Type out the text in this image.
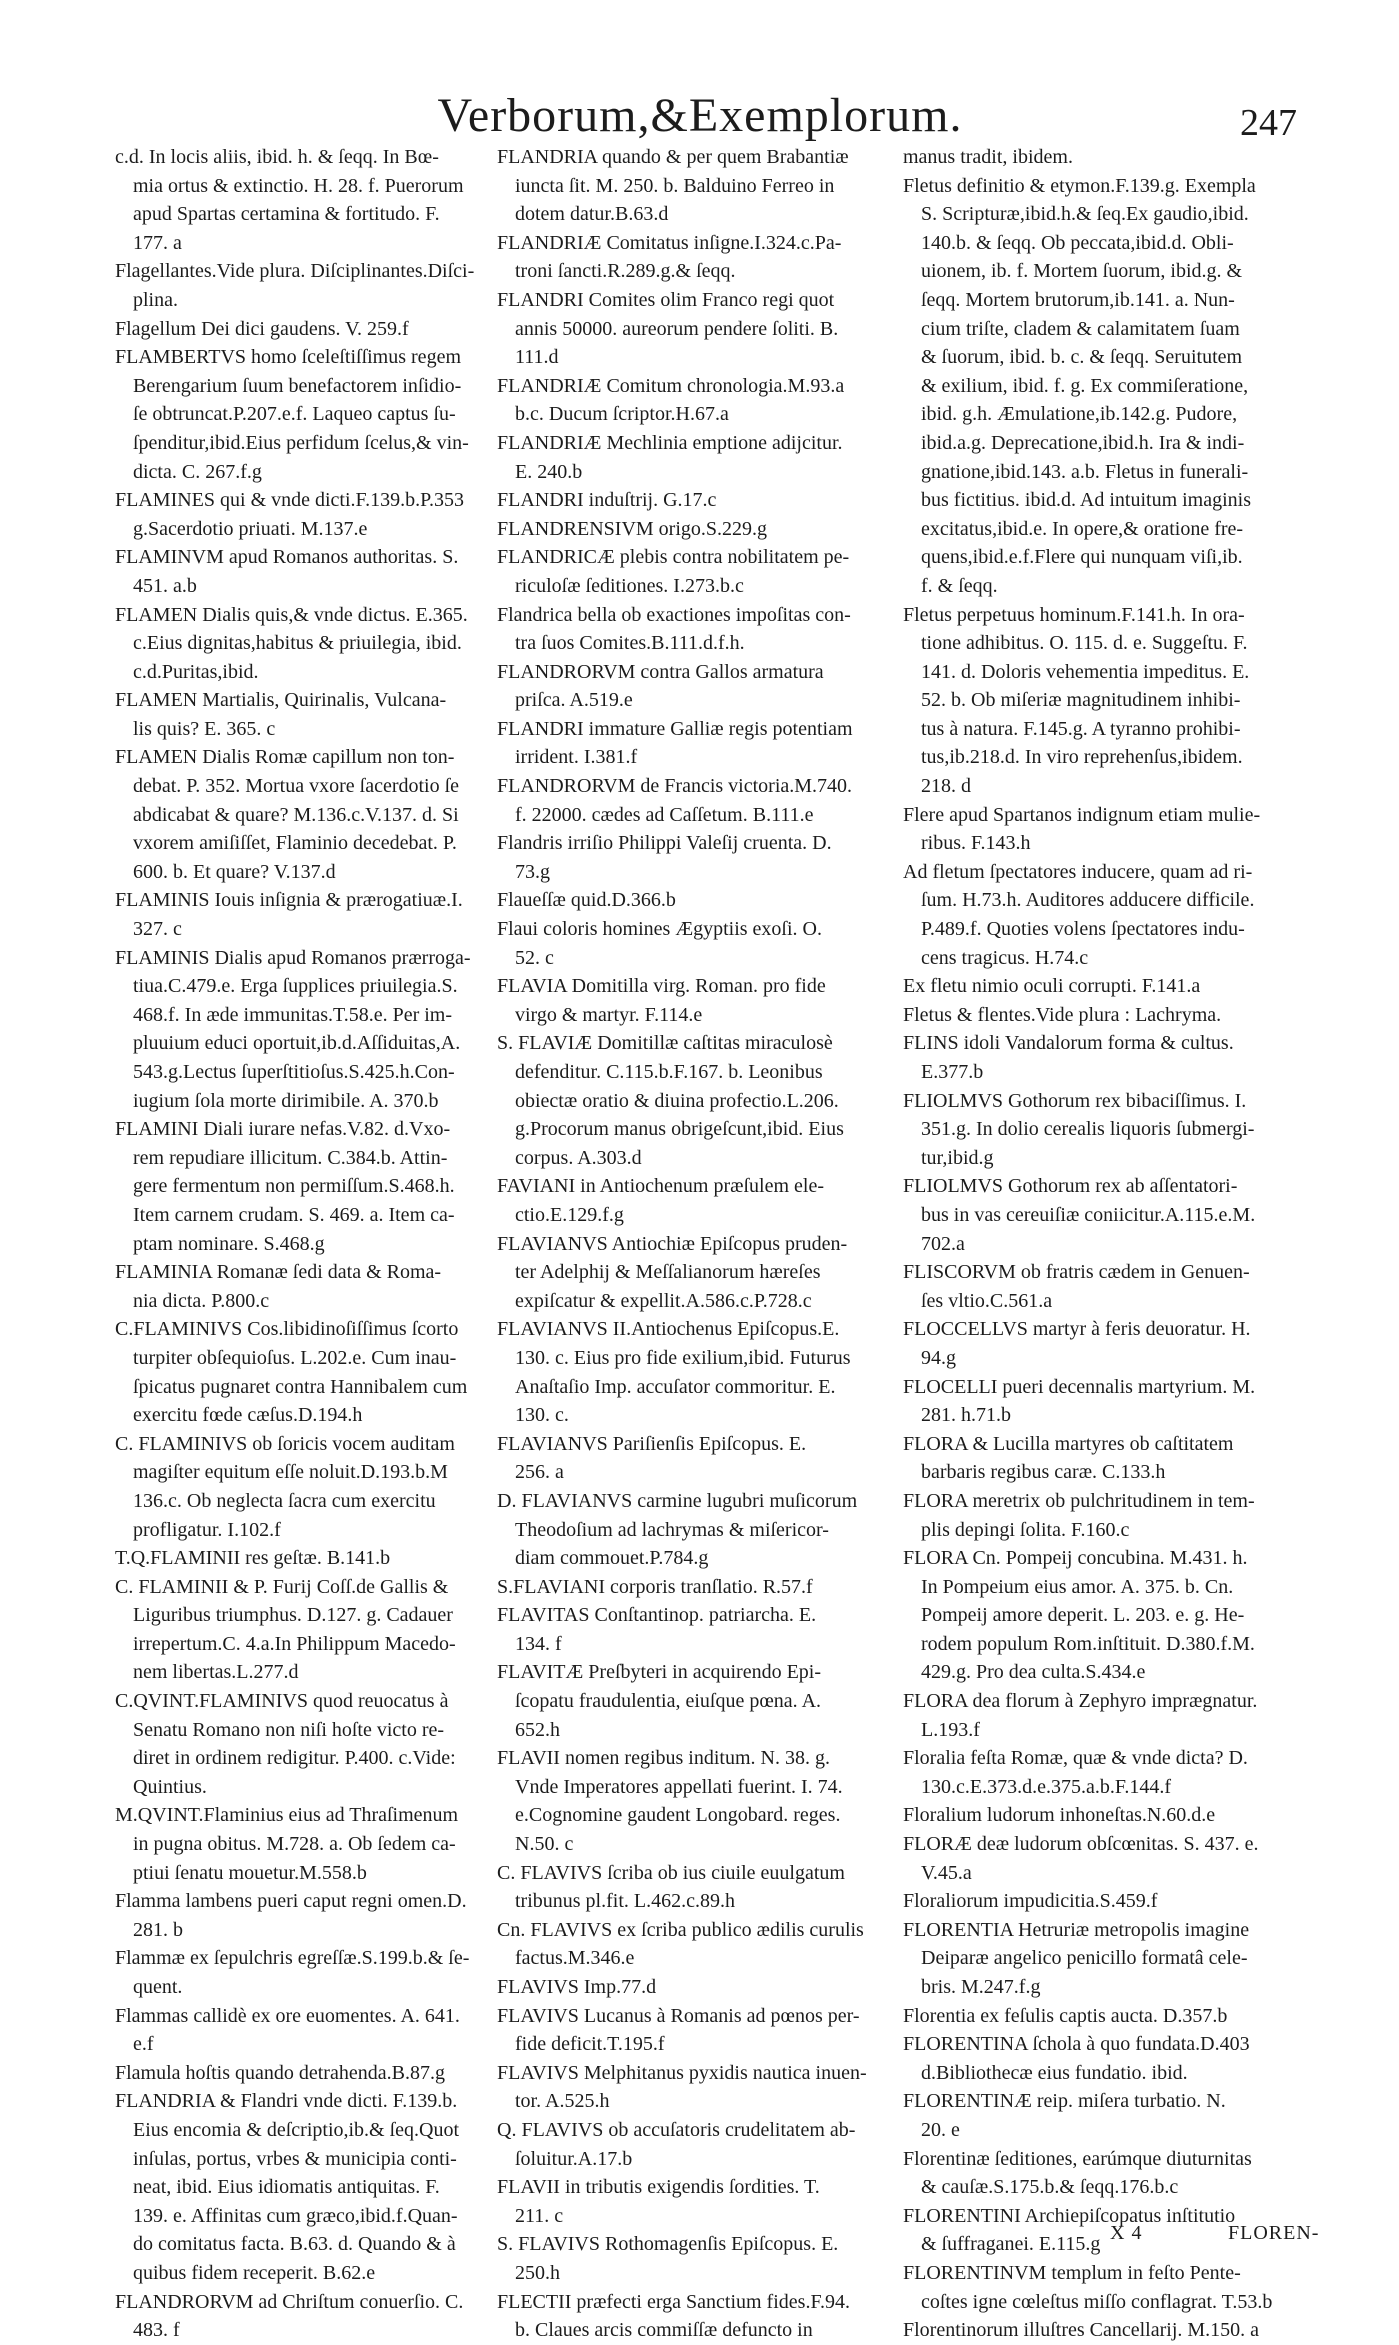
Verborum,&Exemplorum.	247

c.d. In locis aliis, ibid. h. & ſeqq. In Bœ-
mia ortus & extinctio. H. 28. f. Puerorum
apud Spartas certamina & fortitudo. F.
177. a

Flagellantes.Vide plura. Diſciplinantes.Diſci-
plina.

Flagellum Dei dici gaudens. V. 259.f

FLAMBERTVS homo ſceleſtiſſimus regem
Berengarium ſuum benefactorem inſidio-
ſe obtruncat.P.207.e.f. Laqueo captus ſu-
ſpenditur,ibid.Eius perfidum ſcelus,& vin-
dicta. C. 267.f.g

FLAMINES qui & vnde dicti.F.139.b.P.353
g.Sacerdotio priuati. M.137.e

FLAMINVM apud Romanos authoritas. S.
451. a.b

FLAMEN Dialis quis,& vnde dictus. E.365.
c.Eius dignitas,habitus & priuilegia, ibid.
c.d.Puritas,ibid.

FLAMEN Martialis, Quirinalis, Vulcana-
lis quis? E. 365. c

FLAMEN Dialis Romæ capillum non ton-
debat. P. 352. Mortua vxore ſacerdotio ſe
abdicabat & quare? M.136.c.V.137. d. Si
vxorem amiſiſſet, Flaminio decedebat. P.
600. b. Et quare? V.137.d

FLAMINIS Iouis inſignia & prærogatiuæ.I.
327. c

FLAMINIS Dialis apud Romanos prærroga-
tiua.C.479.e. Erga ſupplices priuilegia.S.
468.f. In æde immunitas.T.58.e. Per im-
pluuium educi oportuit,ib.d.Aſſiduitas,A.
543.g.Lectus ſuperſtitioſus.S.425.h.Con-
iugium ſola morte dirimibile. A. 370.b

FLAMINI Diali iurare nefas.V.82. d.Vxo-
rem repudiare illicitum. C.384.b. Attin-
gere fermentum non permiſſum.S.468.h.
Item carnem crudam. S. 469. a. Item ca-
ptam nominare. S.468.g

FLAMINIA Romanæ ſedi data & Roma-
nia dicta. P.800.c

C.FLAMINIVS Cos.libidinoſiſſimus ſcorto
turpiter obſequioſus. L.202.e. Cum inau-
ſpicatus pugnaret contra Hannibalem cum
exercitu fœde cæſus.D.194.h

C. FLAMINIVS ob ſoricis vocem auditam
magiſter equitum eſſe noluit.D.193.b.M
136.c. Ob neglecta ſacra cum exercitu
profligatur. I.102.f

T.Q.FLAMINII res geſtæ. B.141.b

C. FLAMINII & P. Furij Coſſ.de Gallis &
Liguribus triumphus. D.127. g. Cadauer
irrepertum.C. 4.a.In Philippum Macedo-
nem libertas.L.277.d

C.QVINT.FLAMINIVS quod reuocatus à
Senatu Romano non niſi hoſte victo re-
diret in ordinem redigitur. P.400. c.Vide:
Quintius.

M.QVINT.Flaminius eius ad Thraſimenum
in pugna obitus. M.728. a. Ob ſedem ca-
ptiui ſenatu mouetur.M.558.b

Flamma lambens pueri caput regni omen.D.
281. b

Flammæ ex ſepulchris egreſſæ.S.199.b.& ſe-
quent.

Flammas callidè ex ore euomentes. A. 641.
e.f

Flamula hoſtis quando detrahenda.B.87.g

FLANDRIA & Flandri vnde dicti. F.139.b.
Eius encomia & deſcriptio,ib.& ſeq.Quot
inſulas, portus, vrbes & municipia conti-
neat, ibid. Eius idiomatis antiquitas. F.
139. e. Affinitas cum græco,ibid.f.Quan-
do comitatus facta. B.63. d. Quando & à
quibus fidem receperit. B.62.e

FLANDRORVM ad Chriſtum conuerſio. C.
483. f

FLANDRIA quando & per quem Brabantiæ
iuncta ſit. M. 250. b. Balduino Ferreo in
dotem datur.B.63.d

FLANDRIÆ Comitatus inſigne.I.324.c.Pa-
troni ſancti.R.289.g.& ſeqq.

FLANDRI Comites olim Franco regi quot
annis 50000. aureorum pendere ſoliti. B.
111.d

FLANDRIÆ Comitum chronologia.M.93.a
b.c. Ducum ſcriptor.H.67.a

FLANDRIÆ Mechlinia emptione adijcitur.
E. 240.b

FLANDRI induſtrij. G.17.c

FLANDRENSIVM origo.S.229.g

FLANDRICÆ plebis contra nobilitatem pe-
riculoſæ ſeditiones. I.273.b.c

Flandrica bella ob exactiones impoſitas con-
tra ſuos Comites.B.111.d.f.h.

FLANDRORVM contra Gallos armatura
priſca. A.519.e

FLANDRI immature Galliæ regis potentiam
irrident. I.381.f

FLANDRORVM de Francis victoria.M.740.
f. 22000. cædes ad Caſſetum. B.111.e

Flandris irriſio Philippi Valeſij cruenta. D.
73.g

Flaueſſæ quid.D.366.b

Flaui coloris homines Ægyptiis exoſi. O.
52. c

FLAVIA Domitilla virg. Roman. pro fide
virgo & martyr. F.114.e

S. FLAVIÆ Domitillæ caſtitas miraculosè
defenditur. C.115.b.F.167. b. Leonibus
obiectæ oratio & diuina profectio.L.206.
g.Procorum manus obrigeſcunt,ibid. Eius
corpus. A.303.d

FAVIANI in Antiochenum præſulem ele-
ctio.E.129.f.g

FLAVIANVS Antiochiæ Epiſcopus pruden-
ter Adelphij & Meſſalianorum hæreſes
expiſcatur & expellit.A.586.c.P.728.c

FLAVIANVS II.Antiochenus Epiſcopus.E.
130. c. Eius pro fide exilium,ibid. Futurus
Anaſtaſio Imp. accuſator commoritur. E.
130. c.

FLAVIANVS Pariſienſis Epiſcopus. E.
256. a

D. FLAVIANVS carmine lugubri muſicorum
Theodoſium ad lachrymas & miſericor-
diam commouet.P.784.g

S.FLAVIANI corporis tranſlatio. R.57.f

FLAVITAS Conſtantinop. patriarcha. E.
134. f

FLAVITÆ Preſbyteri in acquirendo Epi-
ſcopatu fraudulentia, eiuſque pœna. A.
652.h

FLAVII nomen regibus inditum. N. 38. g.
Vnde Imperatores appellati fuerint. I. 74.
e.Cognomine gaudent Longobard. reges.
N.50. c

C. FLAVIVS ſcriba ob ius ciuile euulgatum
tribunus pl.fit. L.462.c.89.h

Cn. FLAVIVS ex ſcriba publico ædilis curulis
factus.M.346.e

FLAVIVS Imp.77.d

FLAVIVS Lucanus à Romanis ad pœnos per-
fide deficit.T.195.f

FLAVIVS Melphitanus pyxidis nautica inuen-
tor. A.525.h

Q. FLAVIVS ob accuſatoris crudelitatem ab-
ſoluitur.A.17.b

FLAVII in tributis exigendis ſordities. T.
211. c

S. FLAVIVS Rothomagenſis Epiſcopus. E.
250.h

FLECTII præfecti erga Sanctium fides.F.94.
b. Claues arcis commiſſæ defuncto in

manus tradit, ibidem.

Fletus definitio & etymon.F.139.g. Exempla
S. Scripturæ,ibid.h.& ſeq.Ex gaudio,ibid.
140.b. & ſeqq. Ob peccata,ibid.d. Obli-
uionem, ib. f. Mortem ſuorum, ibid.g. &
ſeqq. Mortem brutorum,ib.141. a. Nun-
cium triſte, cladem & calamitatem ſuam
& ſuorum, ibid. b. c. & ſeqq. Seruitutem
& exilium, ibid. f. g. Ex commiſeratione,
ibid. g.h. Æmulatione,ib.142.g. Pudore,
ibid.a.g. Deprecatione,ibid.h. Ira & indi-
gnatione,ibid.143. a.b. Fletus in funerali-
bus fictitius. ibid.d. Ad intuitum imaginis
excitatus,ibid.e. In opere,& oratione fre-
quens,ibid.e.f.Flere qui nunquam viſi,ib.
f. & ſeqq.

Fletus perpetuus hominum.F.141.h. In ora-
tione adhibitus. O. 115. d. e. Suggeſtu. F.
141. d. Doloris vehementia impeditus. E.
52. b. Ob miſeriæ magnitudinem inhibi-
tus à natura. F.145.g. A tyranno prohibi-
tus,ib.218.d. In viro reprehenſus,ibidem.
218. d

Flere apud Spartanos indignum etiam mulie-
ribus. F.143.h

Ad fletum ſpectatores inducere, quam ad ri-
ſum. H.73.h. Auditores adducere difficile.
P.489.f. Quoties volens ſpectatores indu-
cens tragicus. H.74.c

Ex fletu nimio oculi corrupti. F.141.a

Fletus & flentes.Vide plura : Lachryma.

FLINS idoli Vandalorum forma & cultus.
E.377.b

FLIOLMVS Gothorum rex bibaciſſimus. I.
351.g. In dolio cerealis liquoris ſubmergi-
tur,ibid.g

FLIOLMVS Gothorum rex ab aſſentatori-
bus in vas cereuiſiæ coniicitur.A.115.e.M.
702.a

FLISCORVM ob fratris cædem in Genuen-
ſes vltio.C.561.a

FLOCCELLVS martyr à feris deuoratur. H.
94.g

FLOCELLI pueri decennalis martyrium. M.
281. h.71.b

FLORA & Lucilla martyres ob caſtitatem
barbaris regibus caræ. C.133.h

FLORA meretrix ob pulchritudinem in tem-
plis depingi ſolita. F.160.c

FLORA Cn. Pompeij concubina. M.431. h.
In Pompeium eius amor. A. 375. b. Cn.
Pompeij amore deperit. L. 203. e. g. He-
rodem populum Rom.inſtituit. D.380.f.M.
429.g. Pro dea culta.S.434.e

FLORA dea florum à Zephyro imprægnatur.
L.193.f

Floralia feſta Romæ, quæ & vnde dicta? D.
130.c.E.373.d.e.375.a.b.F.144.f

Floralium ludorum inhoneſtas.N.60.d.e

FLORÆ deæ ludorum obſcœnitas. S. 437. e.
V.45.a

Floraliorum impudicitia.S.459.f

FLORENTIA Hetruriæ metropolis imagine
Deiparæ angelico penicillo formatâ cele-
bris. M.247.f.g

Florentia ex feſulis captis aucta. D.357.b

FLORENTINA ſchola à quo fundata.D.403
d.Bibliothecæ eius fundatio. ibid.

FLORENTINÆ reip. miſera turbatio. N.
20. e

Florentinæ ſeditiones, earúmque diuturnitas
& cauſæ.S.175.b.& ſeqq.176.b.c

FLORENTINI Archiepiſcopatus inſtitutio
& ſuffraganei. E.115.g

FLORENTINVM templum in feſto Pente-
coſtes igne cœleſtus miſſo conflagrat. T.53.b

Florentinorum illuſtres Cancellarij. M.150. a

X 4	FLOREN-
